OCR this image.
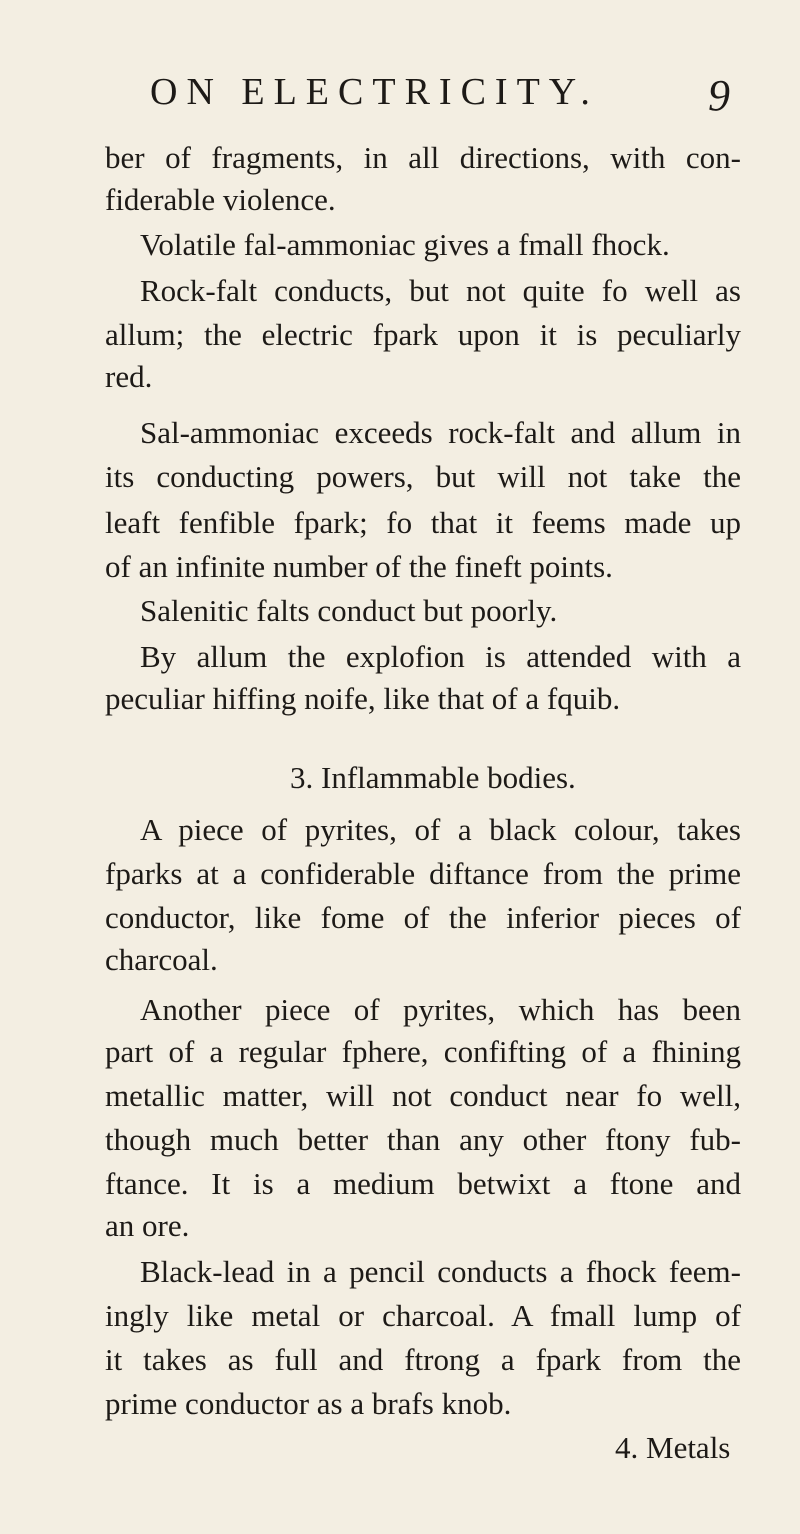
ON ELECTRICITY. 9
ber of fragments, in all directions, with con-
fiderable violence.
Volatile fal-ammoniac gives a fmall fhock.
Rock-falt conducts, but not quite fo well as
allum; the electric fpark upon it is peculiarly
red.
Sal-ammoniac exceeds rock-falt and allum in
its conducting powers, but will not take the
leaft fenfible fpark; fo that it feems made up
of an infinite number of the fineft points.
Salenitic falts conduct but poorly.
By allum the explofion is attended with a
peculiar hiffing noife, like that of a fquib.
3. Inflammable bodies.
A piece of pyrites, of a black colour, takes
fparks at a confiderable diftance from the prime
conductor, like fome of the inferior pieces of
charcoal.
Another piece of pyrites, which has been
part of a regular fphere, confifting of a fhining
metallic matter, will not conduct near fo well,
though much better than any other ftony fub-
ftance. It is a medium betwixt a ftone and
an ore.
Black-lead in a pencil conducts a fhock feem-
ingly like metal or charcoal. A fmall lump of
it takes as full and ftrong a fpark from the
prime conductor as a brafs knob.
4. Metals
